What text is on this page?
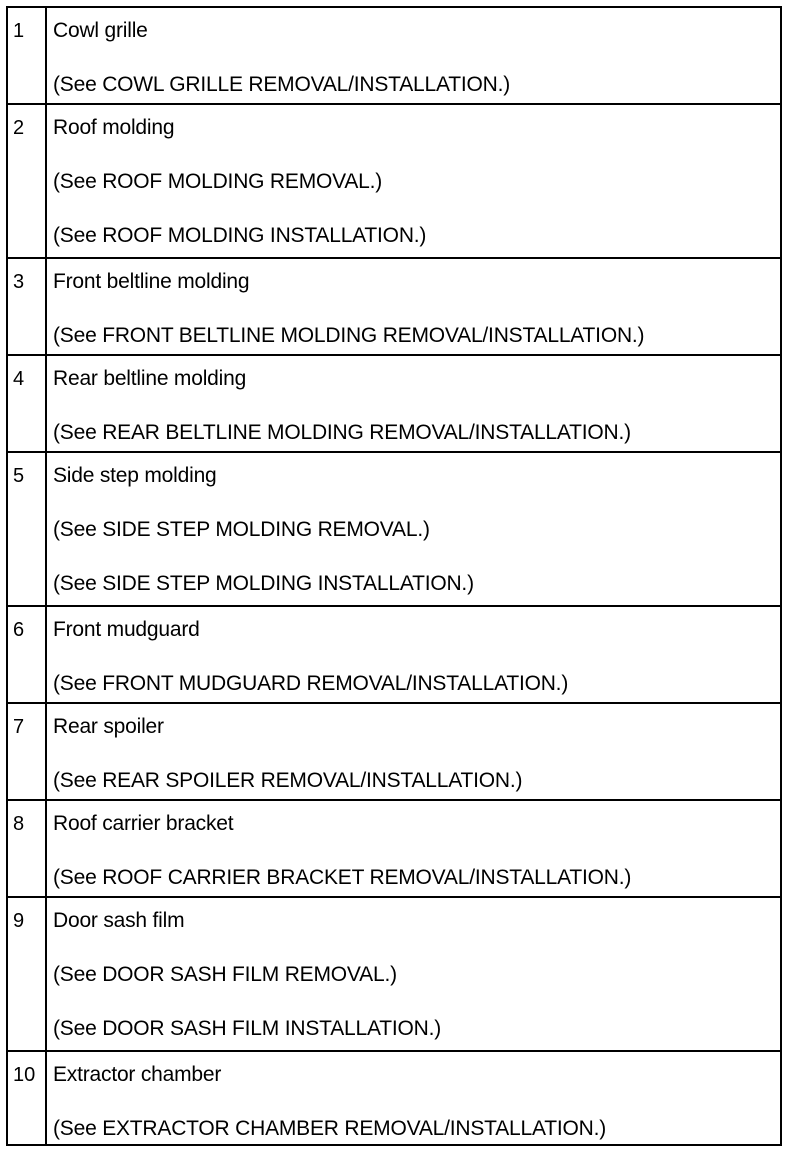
1	Cowl grille
(See COWL GRILLE REMOVAL/INSTALLATION.)

2	Roof molding
(See ROOF MOLDING REMOVAL.)
(See ROOF MOLDING INSTALLATION.)

3	Front beltline molding
(See FRONT BELTLINE MOLDING REMOVAL/INSTALLATION.)

4	Rear beltline molding
(See REAR BELTLINE MOLDING REMOVAL/INSTALLATION.)

5	Side step molding
(See SIDE STEP MOLDING REMOVAL.)
(See SIDE STEP MOLDING INSTALLATION.)

6	Front mudguard
(See FRONT MUDGUARD REMOVAL/INSTALLATION.)

7	Rear spoiler
(See REAR SPOILER REMOVAL/INSTALLATION.)

8	Roof carrier bracket
(See ROOF CARRIER BRACKET REMOVAL/INSTALLATION.)

9	Door sash film
(See DOOR SASH FILM REMOVAL.)
(See DOOR SASH FILM INSTALLATION.)

10	Extractor chamber
(See EXTRACTOR CHAMBER REMOVAL/INSTALLATION.)
